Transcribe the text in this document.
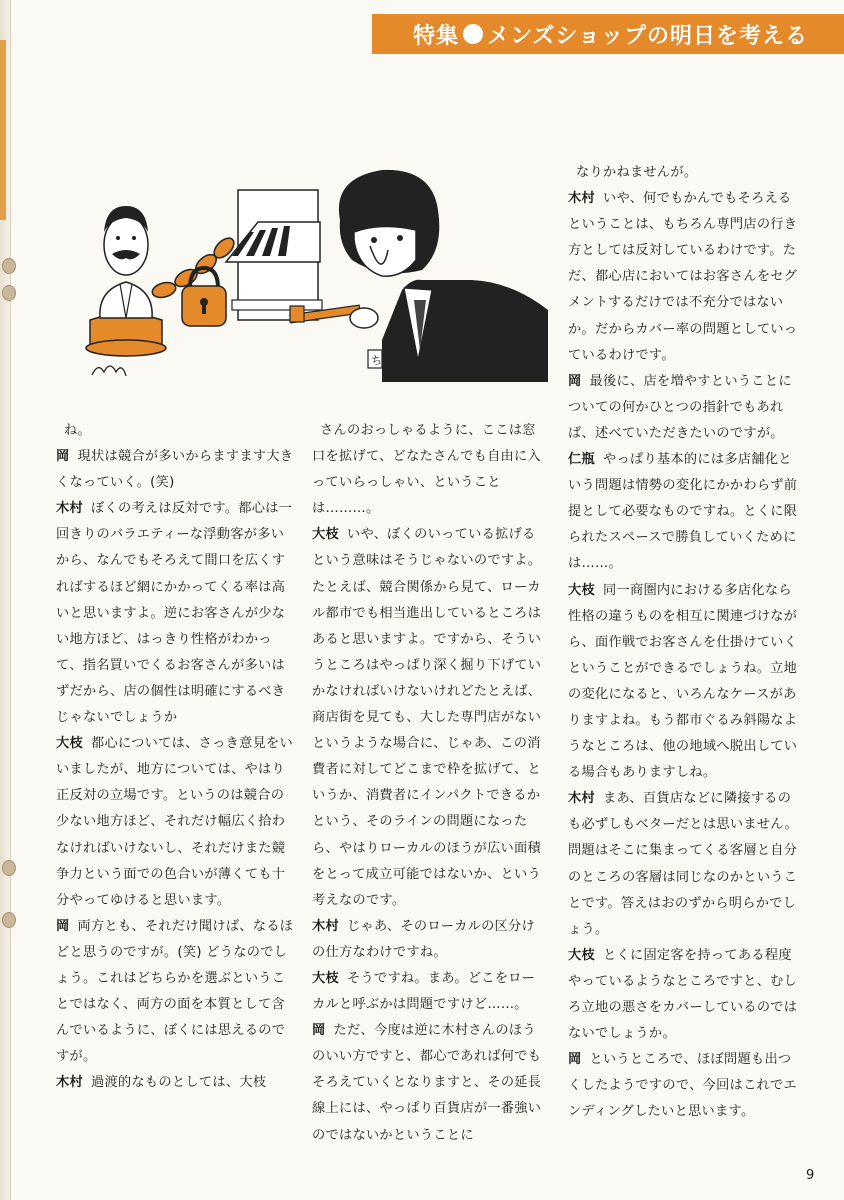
特集 メンズショップの明日を考える
ち

ね。

岡 現状は競合が多いからますます大きくなっていく。(笑)

木村 ぼくの考えは反対です。都心は一回きりのバラエティーな浮動客が多いから、なんでもそろえて間口を広くすればするほど網にかかってくる率は高いと思いますよ。逆にお客さんが少ない地方ほど、はっきり性格がわかって、指名買いでくるお客さんが多いはずだから、店の個性は明確にするべきじゃないでしょうか

大枝 都心については、さっき意見をいいましたが、地方については、やはり正反対の立場です。というのは競合の少ない地方ほど、それだけ幅広く拾わなければいけないし、それだけまた競争力という面での色合いが薄くても十分やってゆけると思います。

岡 両方とも、それだけ聞けば、なるほどと思うのですが。(笑) どうなのでしょう。これはどちらかを選ぶということではなく、両方の面を本質として含んでいるように、ぼくには思えるのですが。

木村 過渡的なものとしては、大枝

さんのおっしゃるように、ここは窓口を拡げて、どなたさんでも自由に入っていらっしゃい、ということは………。

大枝 いや、ぼくのいっている拡げるという意味はそうじゃないのですよ。たとえば、競合関係から見て、ローカル都市でも相当進出しているところはあると思いますよ。ですから、そういうところはやっぱり深く掘り下げていかなければいけないけれどたとえば、商店街を見ても、大した専門店がないというような場合に、じゃあ、この消費者に対してどこまで枠を拡げて、というか、消費者にインパクトできるかという、そのラインの問題になったら、やはりローカルのほうが広い面積をとって成立可能ではないか、という考えなのです。

木村 じゃあ、そのローカルの区分けの仕方なわけですね。

大枝 そうですね。まあ。どこをローカルと呼ぶかは問題ですけど……。

岡 ただ、今度は逆に木村さんのほうのいい方ですと、都心であれば何でもそろえていくとなりますと、その延長線上には、やっぱり百貨店が一番強いのではないかということに

なりかねませんが。

木村 いや、何でもかんでもそろえるということは、もちろん専門店の行き方としては反対しているわけです。ただ、都心店においてはお客さんをセグメントするだけでは不充分ではないか。だからカバー率の問題としていっているわけです。

岡 最後に、店を増やすということについての何かひとつの指針でもあれば、述べていただきたいのですが。

仁瓶 やっぱり基本的には多店舗化という問題は情勢の変化にかかわらず前提として必要なものですね。とくに限られたスペースで勝負していくためには……。

大枝 同一商圏内における多店化なら性格の違うものを相互に関連づけながら、面作戦でお客さんを仕掛けていくということができるでしょうね。立地の変化になると、いろんなケースがありますよね。もう都市ぐるみ斜陽なようなところは、他の地域へ脱出している場合もありますしね。

木村 まあ、百貨店などに隣接するのも必ずしもベターだとは思いません。問題はそこに集まってくる客層と自分のところの客層は同じなのかということです。答えはおのずから明らかでしょう。

大枝 とくに固定客を持ってある程度やっているようなところですと、むしろ立地の悪さをカバーしているのではないでしょうか。

岡 というところで、ほぼ問題も出つくしたようですので、今回はこれでエンディングしたいと思います。

9
